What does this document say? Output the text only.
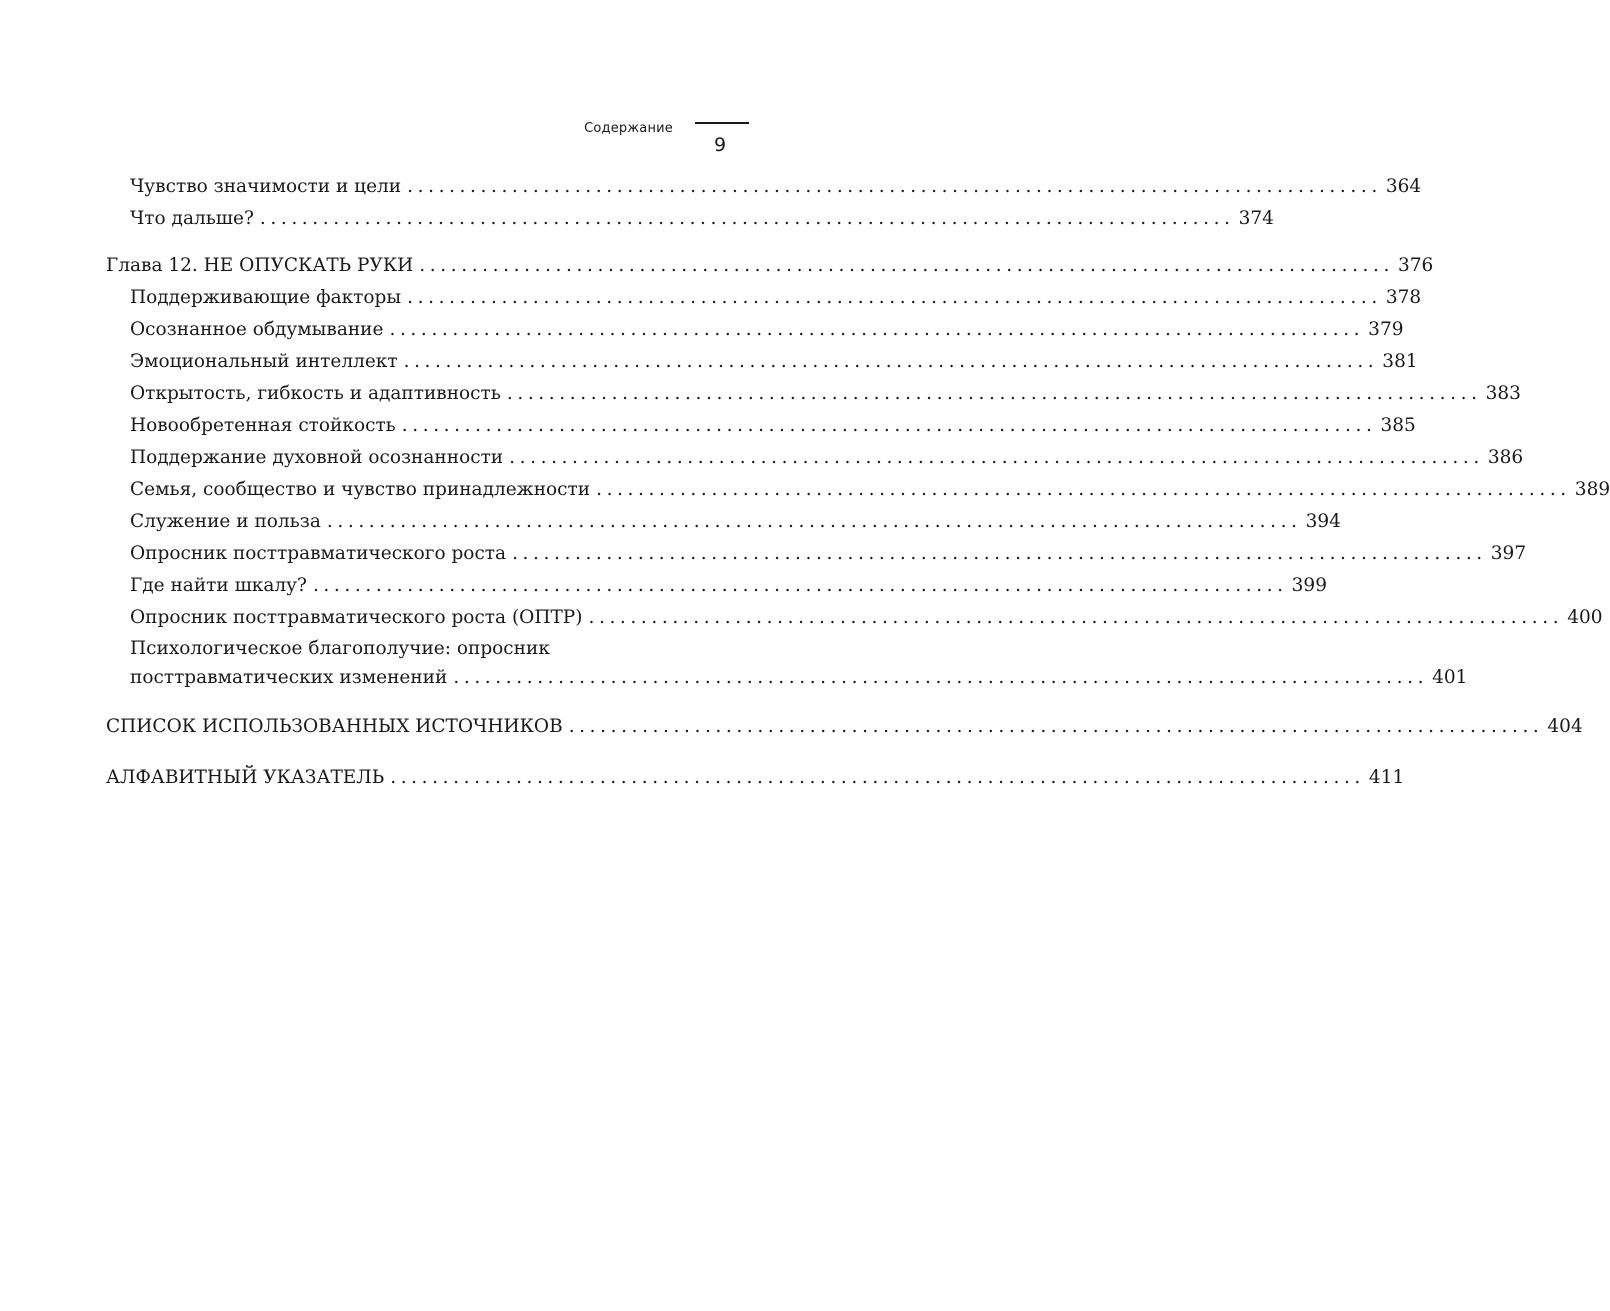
Содержание
9
Чувство значимости и цели ............................................................................................. 364
Что дальше? ............................................................................................. 374
Глава 12. НЕ ОПУСКАТЬ РУКИ ............................................................................................. 376
Поддерживающие факторы ............................................................................................. 378
Осознанное обдумывание ............................................................................................. 379
Эмоциональный интеллект ............................................................................................. 381
Открытость, гибкость и адаптивность ............................................................................................. 383
Новообретенная стойкость ............................................................................................. 385
Поддержание духовной осознанности ............................................................................................. 386
Семья, сообщество и чувство принадлежности ............................................................................................. 389
Служение и польза ............................................................................................. 394
Опросник посттравматического роста ............................................................................................. 397
Где найти шкалу? ............................................................................................. 399
Опросник посттравматического роста (ОПТР) ............................................................................................. 400
Психологическое благополучие: опросник
посттравматических изменений ............................................................................................. 401
СПИСОК ИСПОЛЬЗОВАННЫХ ИСТОЧНИКОВ ............................................................................................. 404
АЛФАВИТНЫЙ УКАЗАТЕЛЬ ............................................................................................. 411
